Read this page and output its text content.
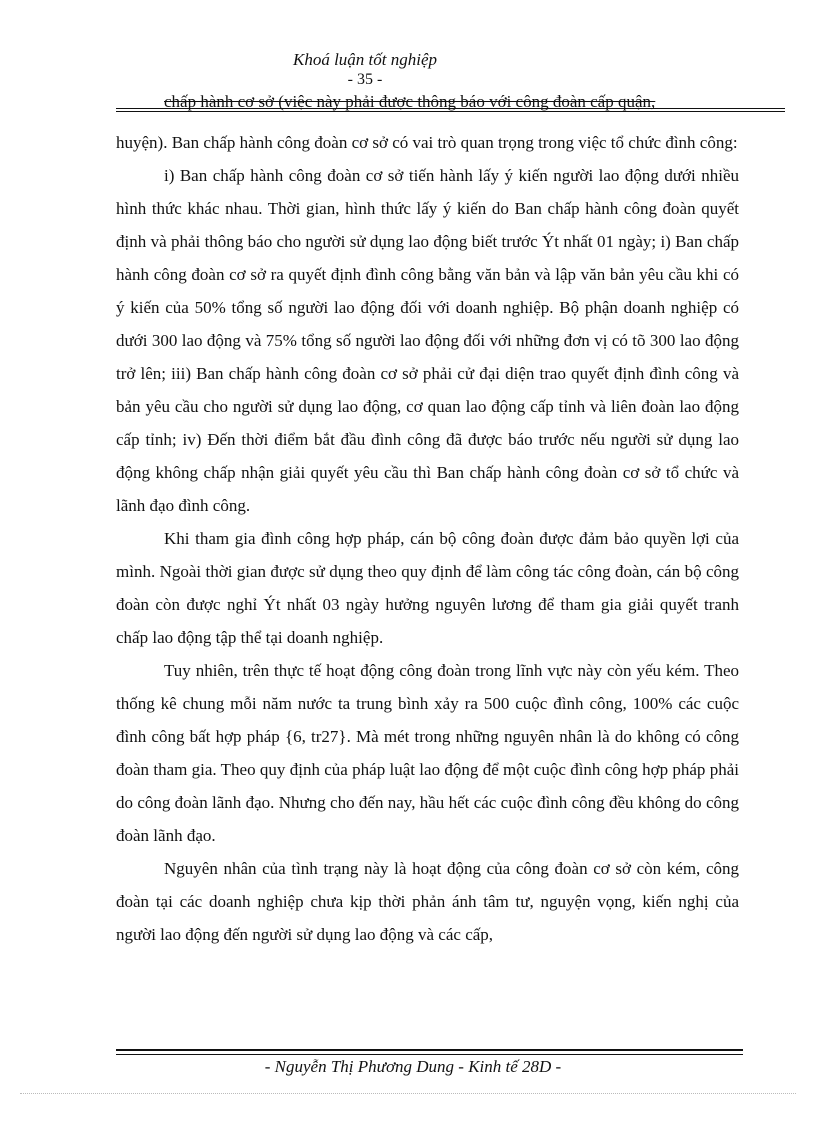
Khoá luận tốt nghiệp
- 35 -
chấp hành cơ sở (việc này phải được thông báo với công đoàn cấp quận,

huyện). Ban chấp hành công đoàn cơ sở có vai trò quan trọng trong việc tổ chức đình công:

i) Ban chấp hành công đoàn cơ sở tiến hành lấy ý kiến người lao động dưới nhiều hình thức khác nhau. Thời gian, hình thức lấy ý kiến do Ban chấp hành công đoàn quyết định và phải thông báo cho người sử dụng lao động biết trước Ýt nhất 01 ngày; i) Ban chấp hành công đoàn cơ sở ra quyết định đình công bằng văn bản và lập văn bản yêu cầu khi có ý kiến của 50% tổng số người lao động đối với doanh nghiệp. Bộ phận doanh nghiệp có dưới 300 lao động và 75% tổng số người lao động đối với những đơn vị có tõ 300 lao động trở lên; iii) Ban chấp hành công đoàn cơ sở phải cử đại diện trao quyết định đình công và bản yêu cầu cho người sử dụng lao động, cơ quan lao động cấp tỉnh và liên đoàn lao động cấp tỉnh; iv) Đến thời điểm bắt đầu đình công đã được báo trước nếu người sử dụng lao động không chấp nhận giải quyết yêu cầu thì Ban chấp hành công đoàn cơ sở tổ chức và lãnh đạo đình công.

Khi tham gia đình công hợp pháp, cán bộ công đoàn được đảm bảo quyền lợi của mình. Ngoài thời gian được sử dụng theo quy định để làm công tác công đoàn, cán bộ công đoàn còn được nghỉ Ýt nhất 03 ngày hưởng nguyên lương để tham gia giải quyết tranh chấp lao động tập thể tại doanh nghiệp.

Tuy nhiên, trên thực tế hoạt động công đoàn trong lĩnh vực này còn yếu kém. Theo thống kê chung mỗi năm nước ta trung bình xảy ra 500 cuộc đình công, 100% các cuộc đình công bất hợp pháp {6, tr27}. Mà mét trong những nguyên nhân là do không có công đoàn tham gia. Theo quy định của pháp luật lao động để một cuộc đình công hợp pháp phải do công đoàn lãnh đạo. Nhưng cho đến nay, hầu hết các cuộc đình công đều không do công đoàn lãnh đạo.

Nguyên nhân của tình trạng này là hoạt động của công đoàn cơ sở còn kém, công đoàn tại các doanh nghiệp chưa kịp thời phản ánh tâm tư, nguyện vọng, kiến nghị của người lao động đến người sử dụng lao động và các cấp,

- Nguyễn Thị Phương Dung - Kinh tế 28D -
